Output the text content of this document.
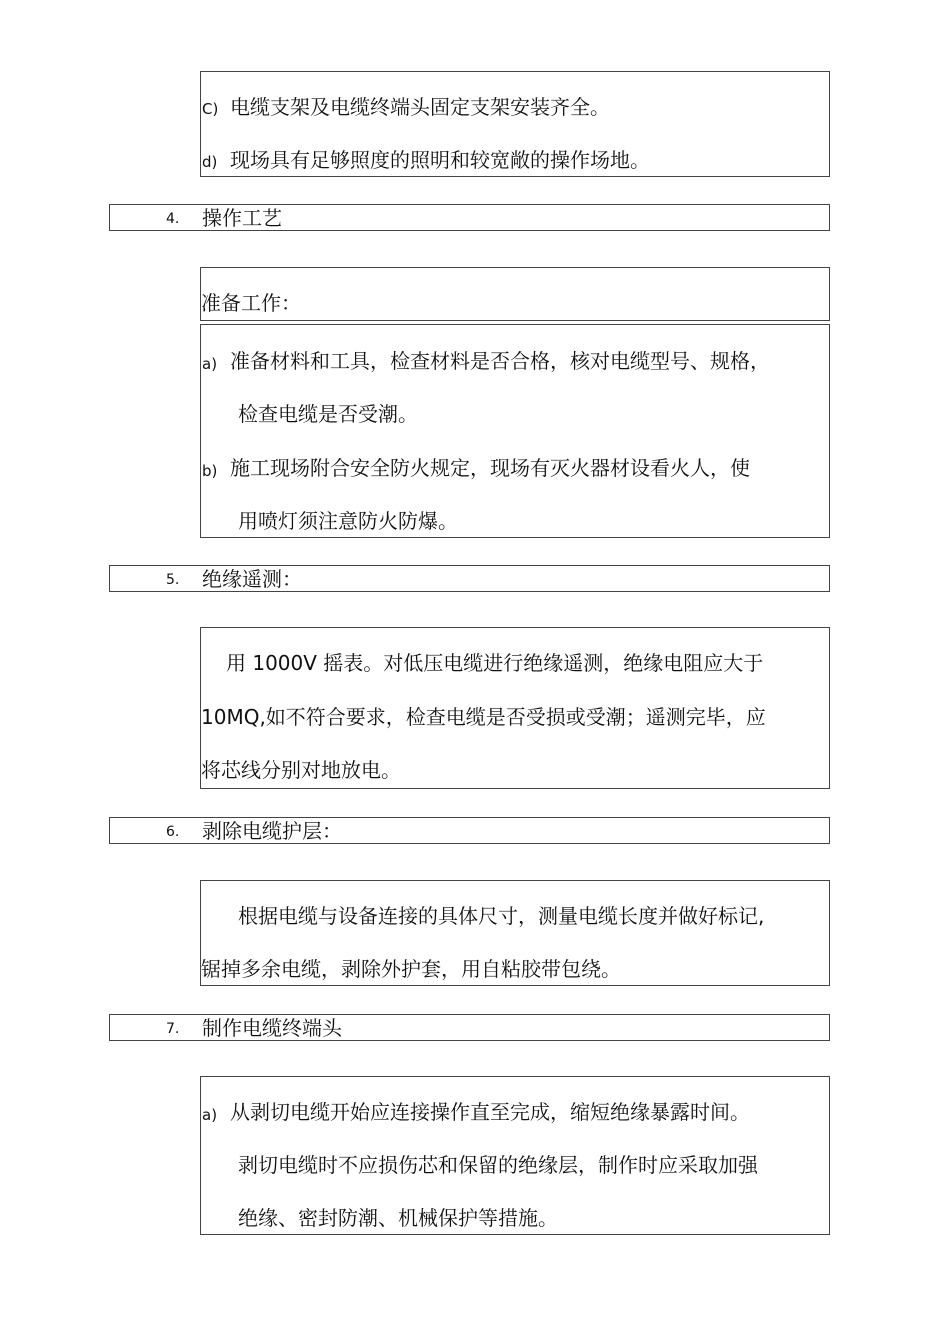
C) 电缆支架及电缆终端头固定支架安装齐全。
d) 现场具有足够照度的照明和较宽敞的操作场地。
4. 操作工艺
准备工作：
a) 准备材料和工具，检查材料是否合格，核对电缆型号、规格，
检查电缆是否受潮。
b) 施工现场附合安全防火规定，现场有灭火器材设看火人，使
用喷灯须注意防火防爆。
5. 绝缘遥测：
用 1000V 摇表。对低压电缆进行绝缘遥测，绝缘电阻应大于
10MQ,如不符合要求，检查电缆是否受损或受潮；遥测完毕，应
将芯线分别对地放电。
6. 剥除电缆护层：
根据电缆与设备连接的具体尺寸，测量电缆长度并做好标记,
锯掉多余电缆，剥除外护套，用自粘胶带包绕。
7. 制作电缆终端头
a) 从剥切电缆开始应连接操作直至完成，缩短绝缘暴露时间。
剥切电缆时不应损伤芯和保留的绝缘层，制作时应采取加强
绝缘、密封防潮、机械保护等措施。
